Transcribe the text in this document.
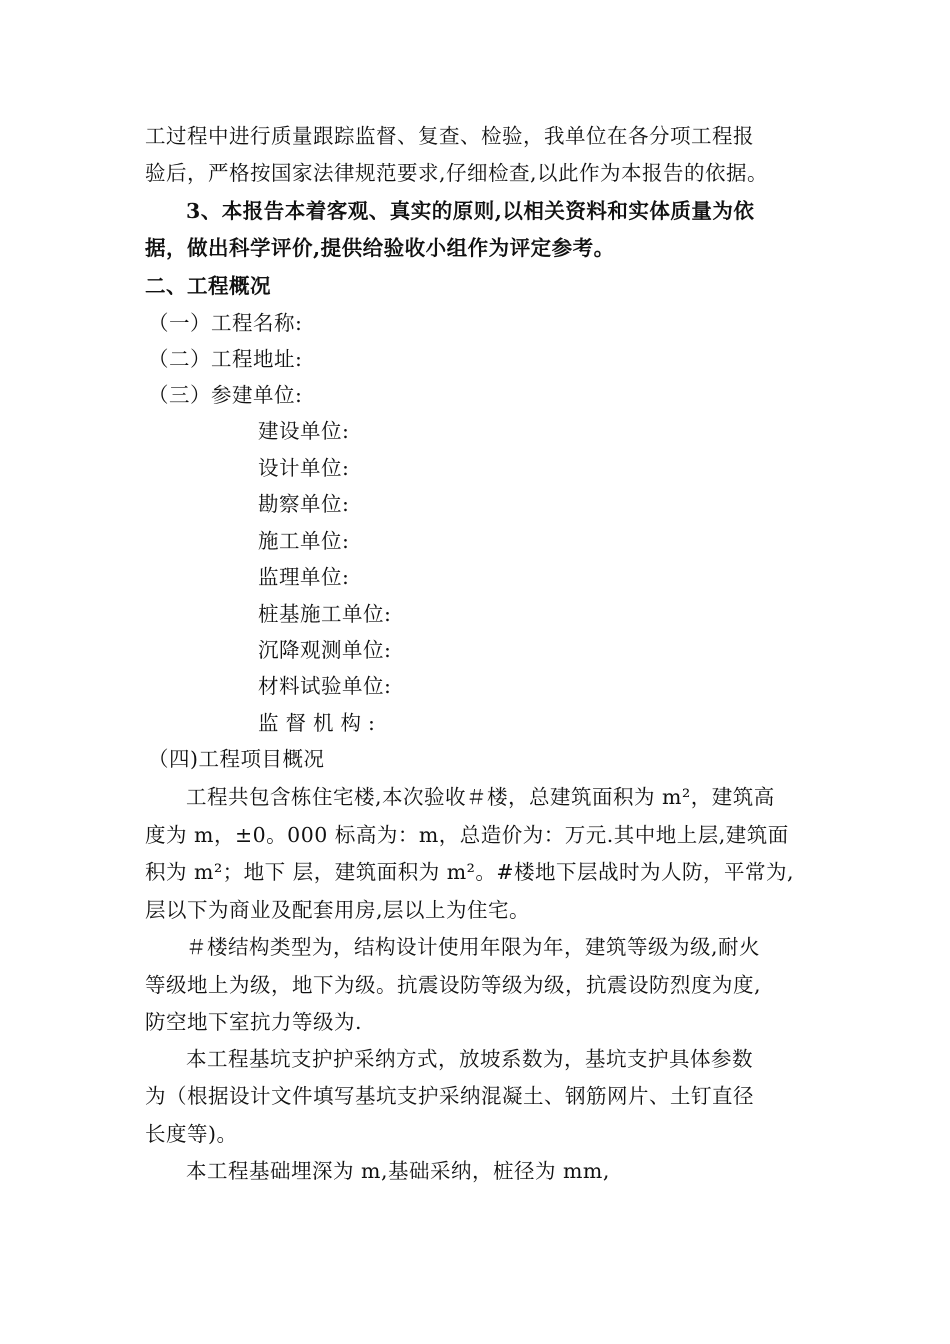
工过程中进行质量跟踪监督、复查、检验，我单位在各分项工程报
验后，严格按国家法律规范要求,仔细检查,以此作为本报告的依据。
3、本报告本着客观、真实的原则,以相关资料和实体质量为依
据，做出科学评价,提供给验收小组作为评定参考。
二、工程概况
（一）工程名称:
（二）工程地址:
（三）参建单位:
建设单位:
设计单位:
勘察单位:
施工单位:
监理单位:
桩基施工单位:
沉降观测单位:
材料试验单位:
监督机构:
（四)工程项目概况
工程共包含栋住宅楼,本次验收＃楼，总建筑面积为 m²，建筑高
度为 m，±0。000 标高为：m，总造价为：万元.其中地上层,建筑面
积为 m²；地下 层，建筑面积为 m²。#楼地下层战时为人防，平常为,
层以下为商业及配套用房,层以上为住宅。
＃楼结构类型为，结构设计使用年限为年，建筑等级为级,耐火
等级地上为级，地下为级。抗震设防等级为级，抗震设防烈度为度,
防空地下室抗力等级为.
本工程基坑支护护采纳方式，放坡系数为，基坑支护具体参数
为（根据设计文件填写基坑支护采纳混凝土、钢筋网片、土钉直径
长度等)。
本工程基础埋深为 m,基础采纳，桩径为 mm,
